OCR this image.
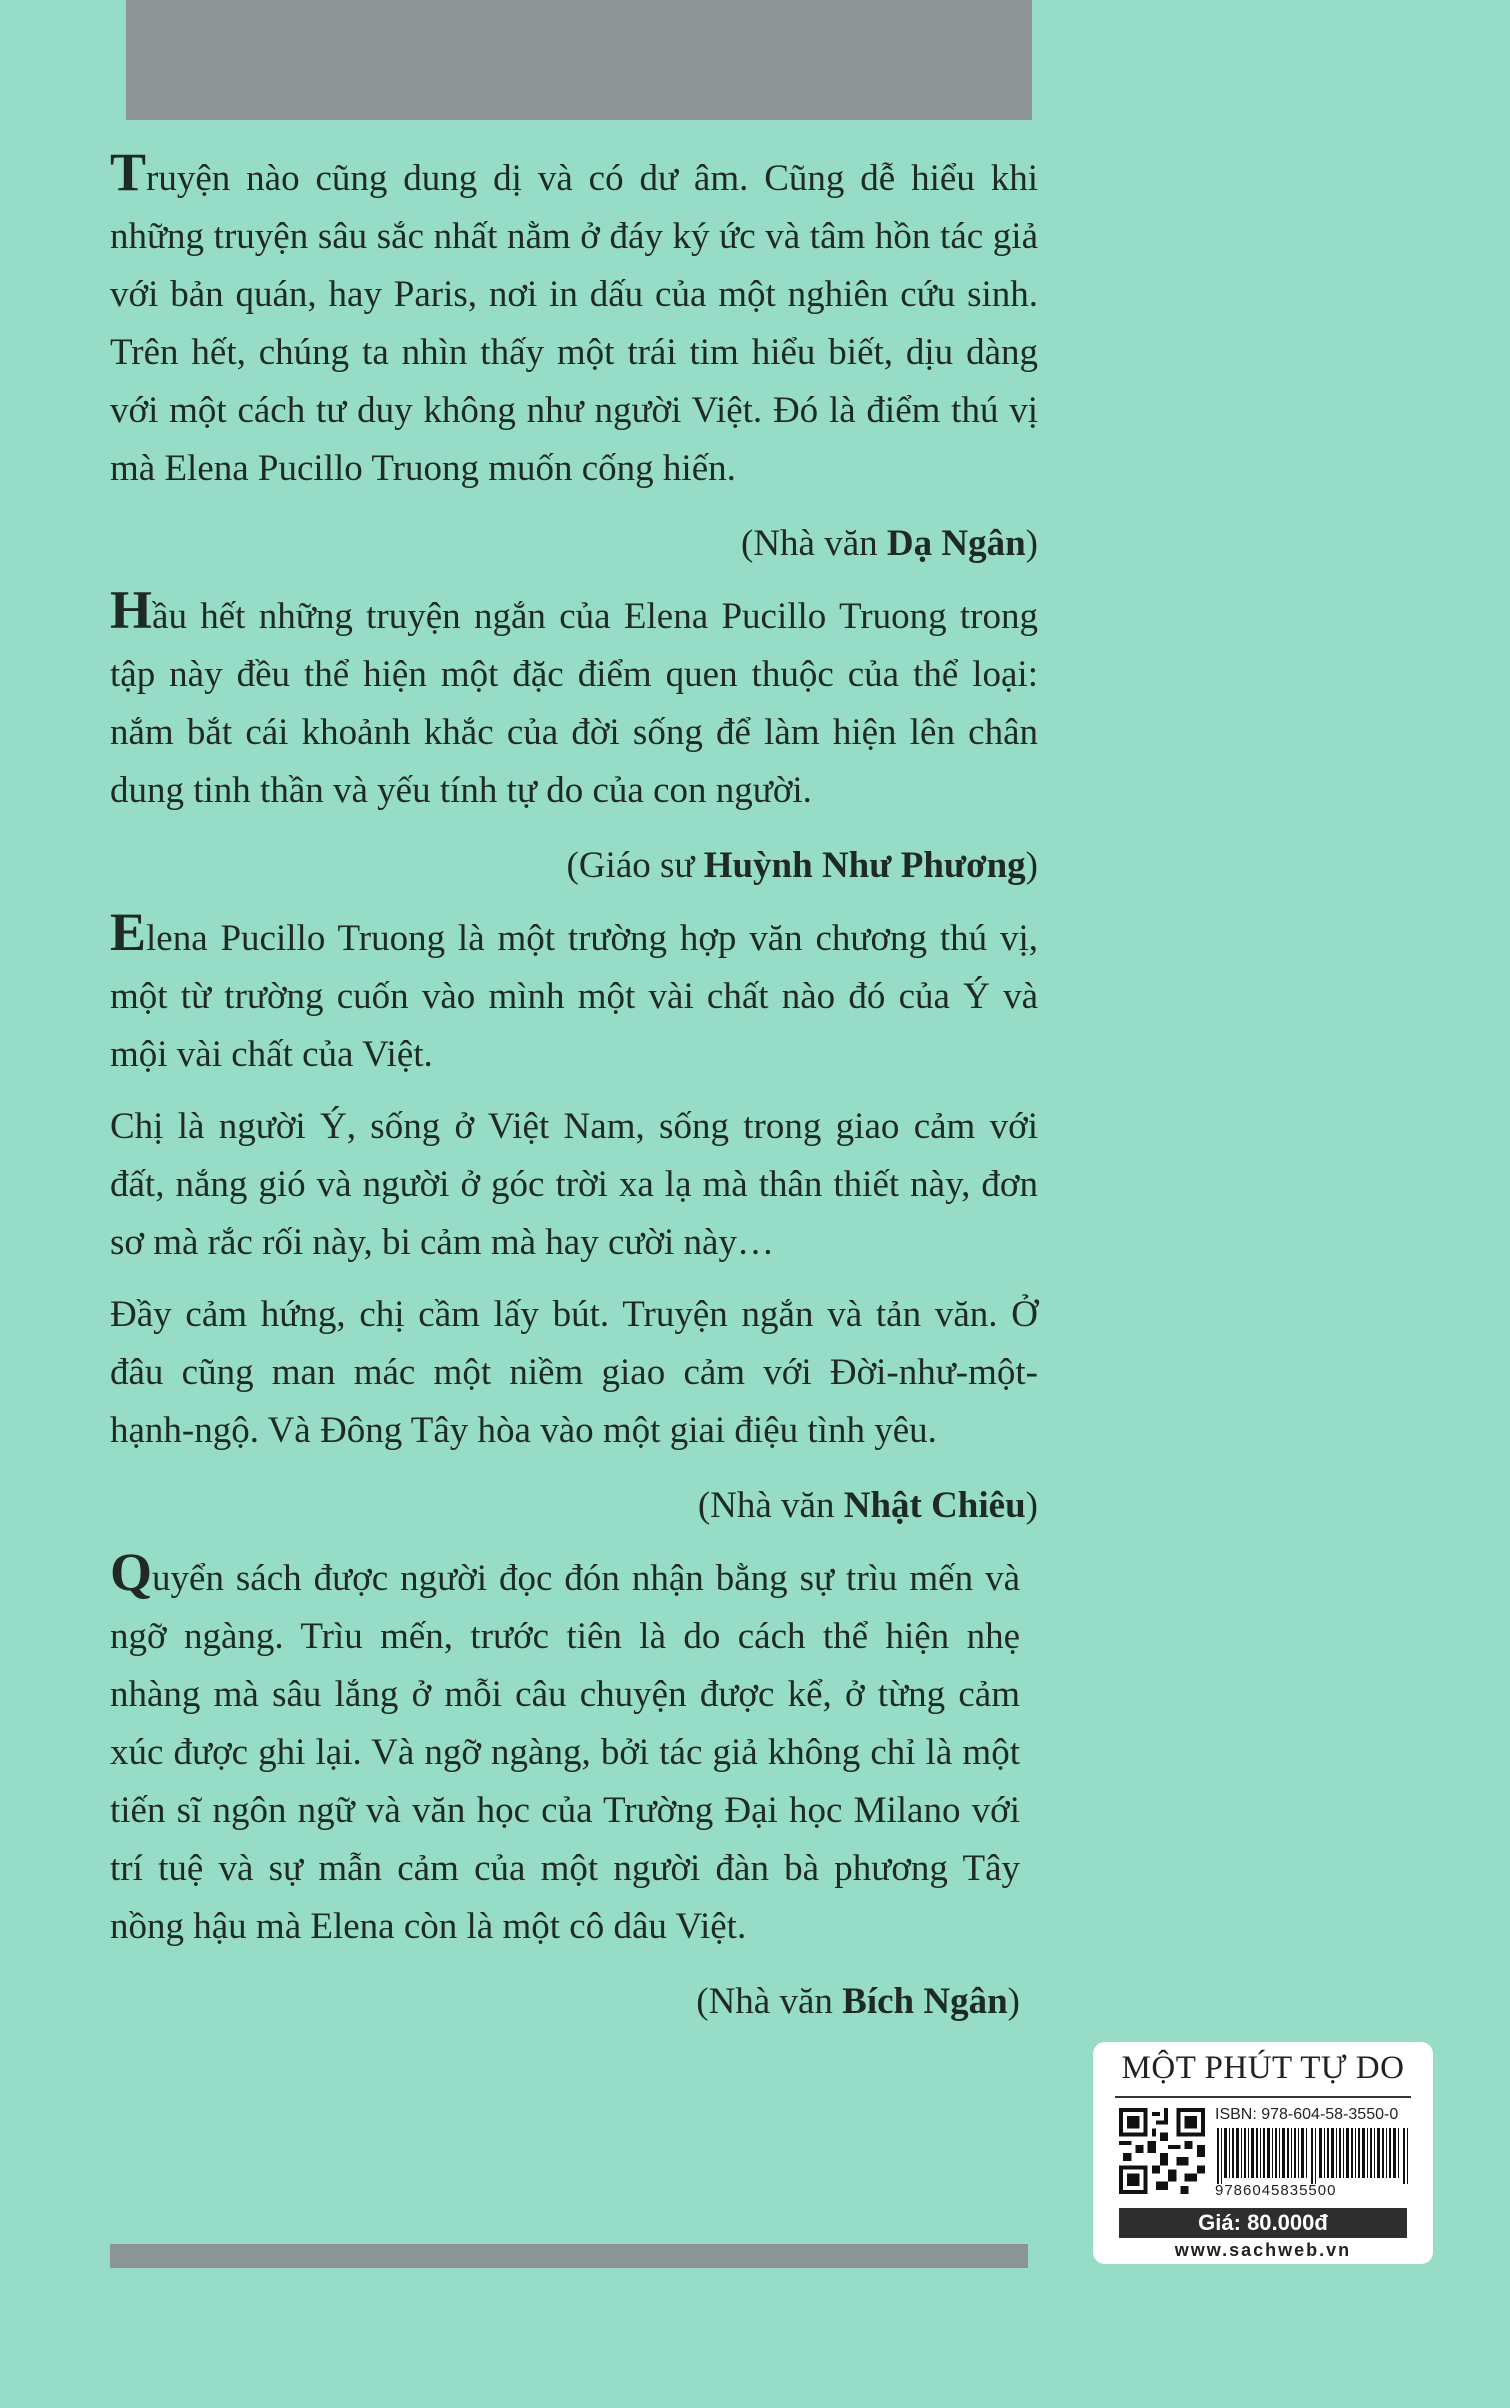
Truyện nào cũng dung dị và có dư âm. Cũng dễ hiểu khi những truyện sâu sắc nhất nằm ở đáy ký ức và tâm hồn tác giả với bản quán, hay Paris, nơi in dấu của một nghiên cứu sinh. Trên hết, chúng ta nhìn thấy một trái tim hiểu biết, dịu dàng với một cách tư duy không như người Việt. Đó là điểm thú vị mà Elena Pucillo Truong muốn cống hiến.

(Nhà văn Dạ Ngân)

Hầu hết những truyện ngắn của Elena Pucillo Truong trong tập này đều thể hiện một đặc điểm quen thuộc của thể loại: nắm bắt cái khoảnh khắc của đời sống để làm hiện lên chân dung tinh thần và yếu tính tự do của con người.

(Giáo sư Huỳnh Như Phương)

Elena Pucillo Truong là một trường hợp văn chương thú vị, một từ trường cuốn vào mình một vài chất nào đó của Ý và mội vài chất của Việt.

Chị là người Ý, sống ở Việt Nam, sống trong giao cảm với đất, nắng gió và người ở góc trời xa lạ mà thân thiết này, đơn sơ mà rắc rối này, bi cảm mà hay cười này…

Đầy cảm hứng, chị cầm lấy bút. Truyện ngắn và tản văn. Ở đâu cũng man mác một niềm giao cảm với Đời-như-một-hạnh-ngộ. Và Đông Tây hòa vào một giai điệu tình yêu.

(Nhà văn Nhật Chiêu)

Quyển sách được người đọc đón nhận bằng sự trìu mến và ngỡ ngàng. Trìu mến, trước tiên là do cách thể hiện nhẹ nhàng mà sâu lắng ở mỗi câu chuyện được kể, ở từng cảm xúc được ghi lại. Và ngỡ ngàng, bởi tác giả không chỉ là một tiến sĩ ngôn ngữ và văn học của Trường Đại học Milano với trí tuệ và sự mẫn cảm của một người đàn bà phương Tây nồng hậu mà Elena còn là một cô dâu Việt.

(Nhà văn Bích Ngân)
MỘT PHÚT TỰ DO
ISBN: 978-604-58-3550-0
9786045835500
Giá: 80.000đ
www.sachweb.vn
